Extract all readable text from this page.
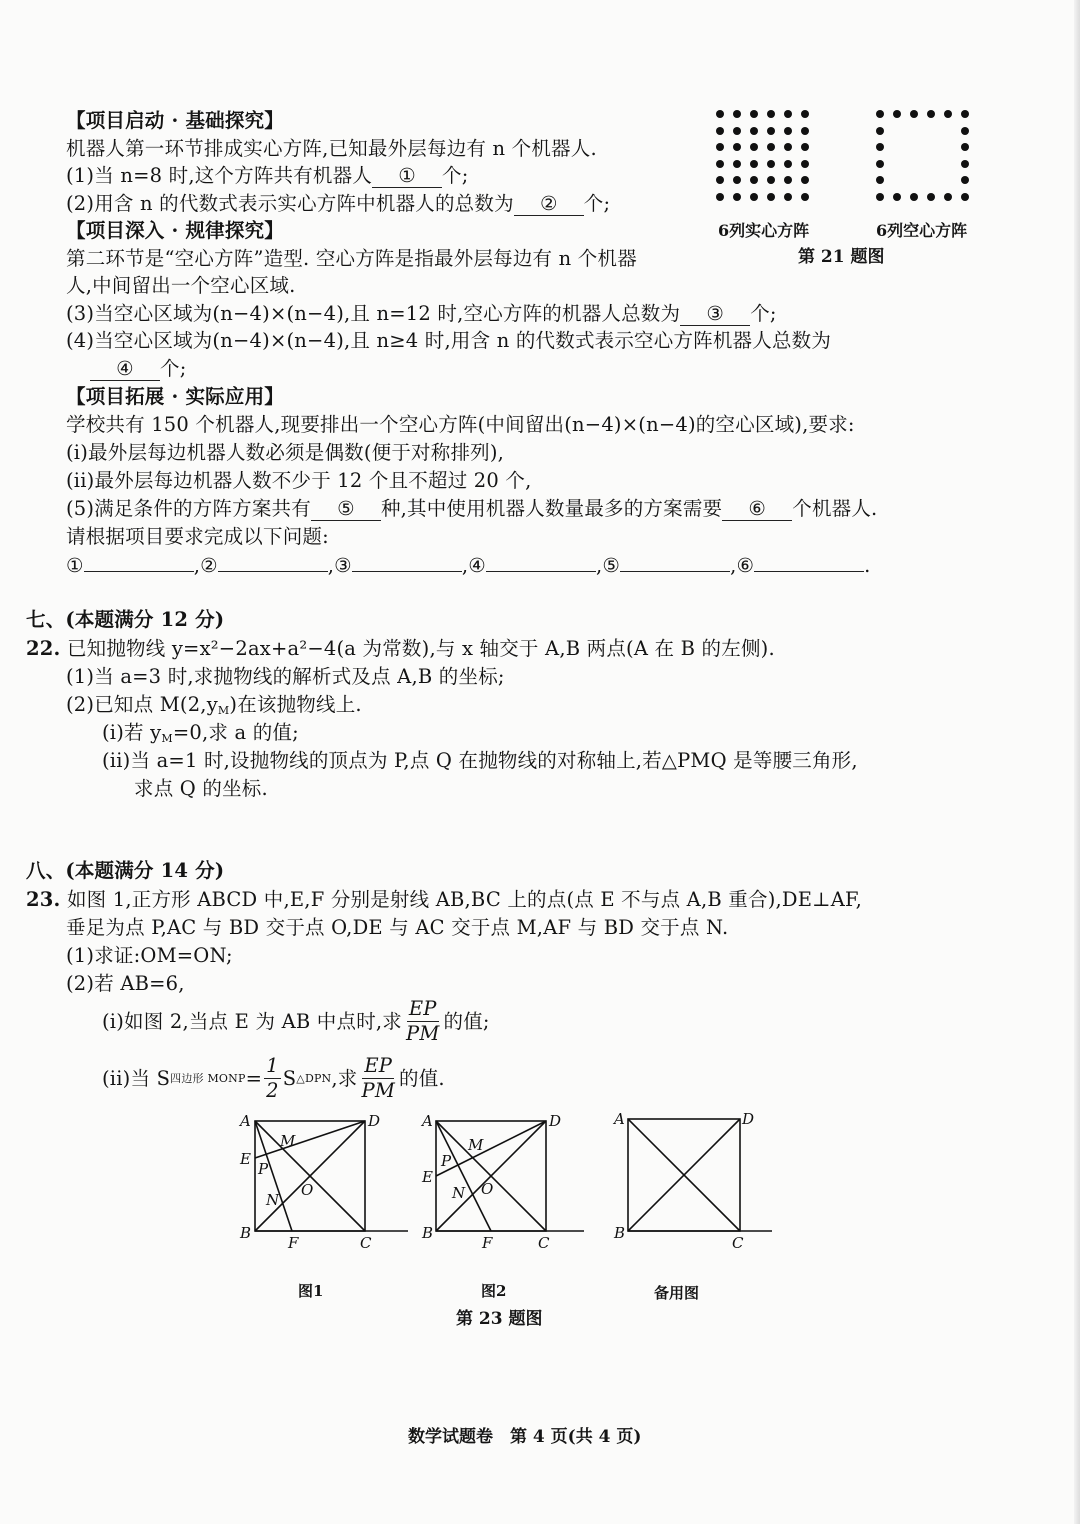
【项目启动 · 基础探究】
机器人第一环节排成实心方阵,已知最外层每边有 n 个机器人.
(1)当 n=8 时,这个方阵共有机器人 ① 个;
(2)用含 n 的代数式表示实心方阵中机器人的总数为 ② 个;
【项目深入 · 规律探究】
第二环节是“空心方阵”造型. 空心方阵是指最外层每边有 n 个机器
人,中间留出一个空心区域.
(3)当空心区域为(n−4)×(n−4),且 n=12 时,空心方阵的机器人总数为 ③ 个;
(4)当空心区域为(n−4)×(n−4),且 n≥4 时,用含 n 的代数式表示空心方阵机器人总数为
④ 个;
【项目拓展 · 实际应用】
学校共有 150 个机器人,现要排出一个空心方阵(中间留出(n−4)×(n−4)的空心区域),要求:
(i)最外层每边机器人数必须是偶数(便于对称排列),
(ii)最外层每边机器人数不少于 12 个且不超过 20 个,
(5)满足条件的方阵方案共有 ⑤ 种,其中使用机器人数量最多的方案需要 ⑥ 个机器人.
请根据项目要求完成以下问题:
①	,②	,③	,④	,⑤	,⑥	.
6列实心方阵	6列空心方阵
第 21 题图
七、(本题满分 12 分)
22. 已知抛物线 y=x²−2ax+a²−4(a 为常数),与 x 轴交于 A,B 两点(A 在 B 的左侧).
(1)当 a=3 时,求抛物线的解析式及点 A,B 的坐标;
(2)已知点 $M(2,y_M)$在该抛物线上.
(i)若 $y_M=0$,求 a 的值;
(ii)当 a=1 时,设抛物线的顶点为 P,点 Q 在抛物线的对称轴上,若△PMQ 是等腰三角形,
求点 Q 的坐标.
八、(本题满分 14 分)
23. 如图 1,正方形 ABCD 中,E,F 分别是射线 AB,BC 上的点(点 E 不与点 A,B 重合),DE⊥AF,
垂足为点 P,AC 与 BD 交于点 O,DE 与 AC 交于点 M,AF 与 BD 交于点 N.
(1)求证:OM=ON;
(2)若 AB=6,
(i)如图 2,当点 E 为 AB 中点时,求 $\frac{EP}{PM}$ 的值;
(ii)当 S 四边形 MONP = $\frac{1}{2}$ S △DPN ,求 $\frac{EP}{PM}$ 的值.
A	D
B
C
E
F
M
P
N
O
A	D
B
C
E
F
M
P
N O
A	D
B
C
图1	图2	备用图
第 23 题图
数学试题卷　第 4 页(共 4 页)
